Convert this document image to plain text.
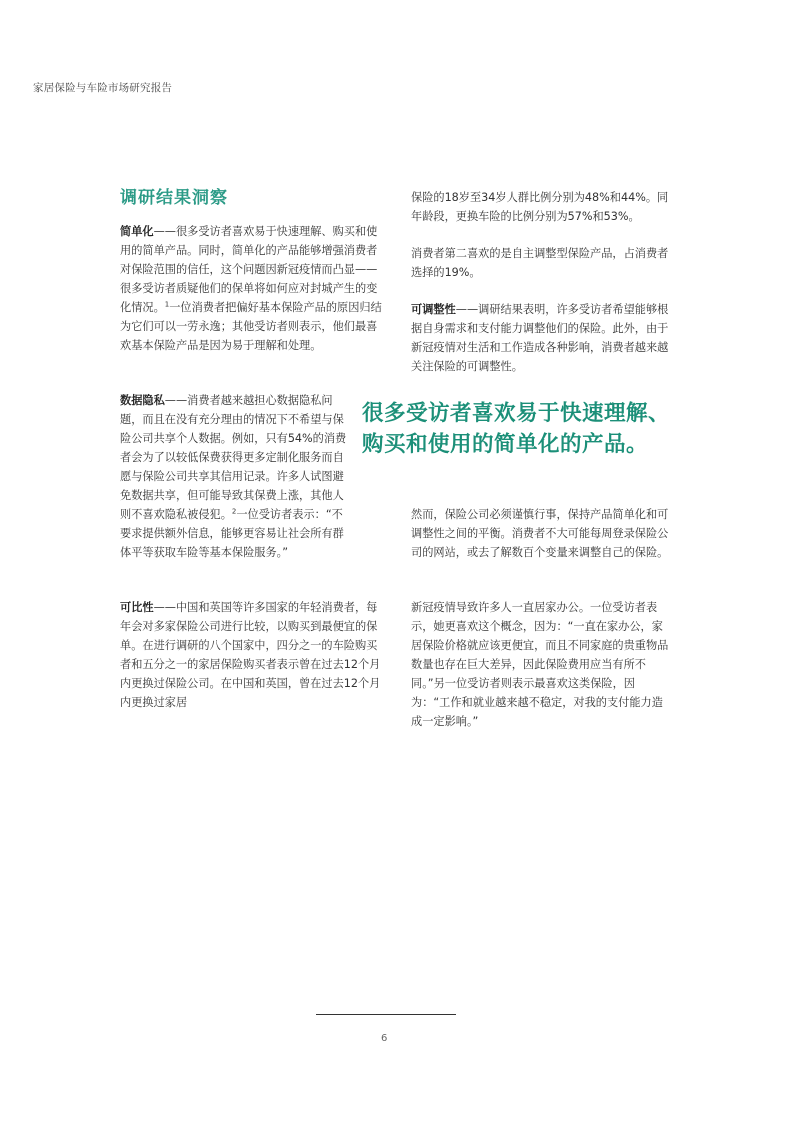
家居保险与车险市场研究报告
调研结果洞察

简单化——很多受访者喜欢易于快速理解、购买和使用的简单产品。同时，简单化的产品能够增强消费者对保险范围的信任，这个问题因新冠疫情而凸显——很多受访者质疑他们的保单将如何应对封城产生的变化情况。$^1$一位消费者把偏好基本保险产品的原因归结为它们可以一劳永逸；其他受访者则表示，他们最喜欢基本保险产品是因为易于理解和处理。

数据隐私——消费者越来越担心数据隐私问题，而且在没有充分理由的情况下不希望与保险公司共享个人数据。例如，只有54%的消费者会为了以较低保费获得更多定制化服务而自愿与保险公司共享其信用记录。许多人试图避免数据共享，但可能导致其保费上涨，其他人则不喜欢隐私被侵犯。$^2$一位受访者表示：“不要求提供额外信息，能够更容易让社会所有群体平等获取车险等基本保险服务。”

可比性——中国和英国等许多国家的年轻消费者，每年会对多家保险公司进行比较，以购买到最便宜的保单。在进行调研的八个国家中，四分之一的车险购买者和五分之一的家居保险购买者表示曾在过去12个月内更换过保险公司。在中国和英国，曾在过去12个月内更换过家居

保险的18岁至34岁人群比例分别为48%和44%。同年龄段，更换车险的比例分别为57%和53%。

消费者第二喜欢的是自主调整型保险产品，占消费者选择的19%。

可调整性——调研结果表明，许多受访者希望能够根据自身需求和支付能力调整他们的保险。此外，由于新冠疫情对生活和工作造成各种影响，消费者越来越关注保险的可调整性。

然而，保险公司必须谨慎行事，保持产品简单化和可调整性之间的平衡。消费者不大可能每周登录保险公司的网站，或去了解数百个变量来调整自己的保险。

新冠疫情导致许多人一直居家办公。一位受访者表示，她更喜欢这个概念，因为：“一直在家办公，家居保险价格就应该更便宜，而且不同家庭的贵重物品数量也存在巨大差异，因此保险费用应当有所不同。”另一位受访者则表示最喜欢这类保险，因为：“工作和就业越来越不稳定，对我的支付能力造成一定影响。”

很多受访者喜欢易于快速理解、购买和使用的简单化的产品。
6
